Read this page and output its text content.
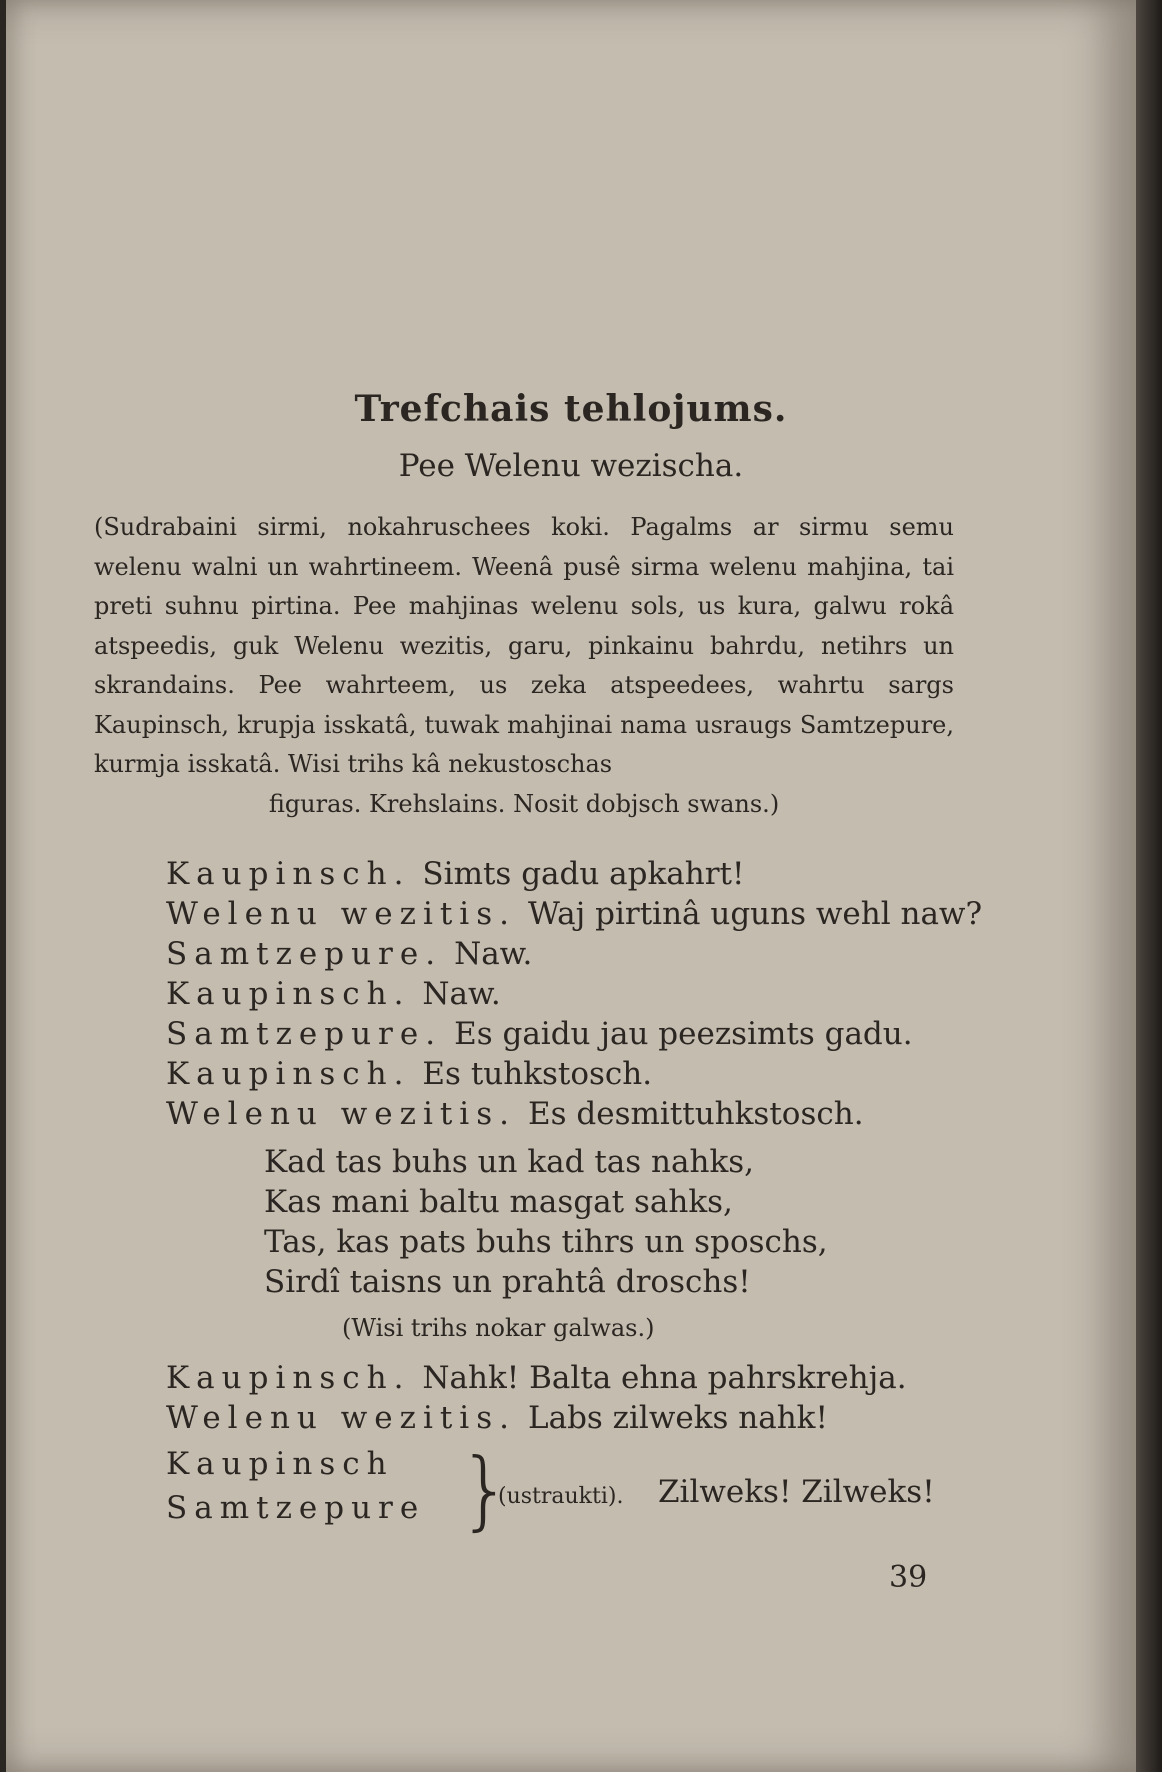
Trefchais tehlojums.
Pee Welenu wezischa.
(Sudrabaini sirmi, nokahruschees koki. Pagalms ar sirmu semu welenu walni un wahrtineem. Weenâ pusê sirma welenu mahjina, tai preti suhnu pirtina. Pee mahjinas welenu sols, us kura, galwu rokâ atspeedis, guk Welenu wezitis, garu, pinkainu bahrdu, netihrs un skrandains. Pee wahrteem, us zeka atspeedees, wahrtu sargs Kaupinsch, krupja isskatâ, tuwak mahjinai nama usraugs Samtzepure, kurmja isskatâ. Wisi trihs kâ nekustoschas
figuras. Krehslains. Nosit dobjsch swans.)
Kaupinsch. Simts gadu apkahrt!
Welenu wezitis. Waj pirtinâ uguns wehl naw?
Samtzepure. Naw.
Kaupinsch. Naw.
Samtzepure. Es gaidu jau peezsimts gadu.
Kaupinsch. Es tuhkstosch.
Welenu wezitis. Es desmittuhkstosch.
Kad tas buhs un kad tas nahks,
Kas mani baltu masgat sahks,
Tas, kas pats buhs tihrs un sposchs,
Sirdî taisns un prahtâ droschs!
(Wisi trihs nokar galwas.)
Kaupinsch. Nahk! Balta ehna pahrskrehja.
Welenu wezitis. Labs zilweks nahk!
Kaupinsch
Samtzepure }
(ustraukti). Zilweks! Zilweks!
39
